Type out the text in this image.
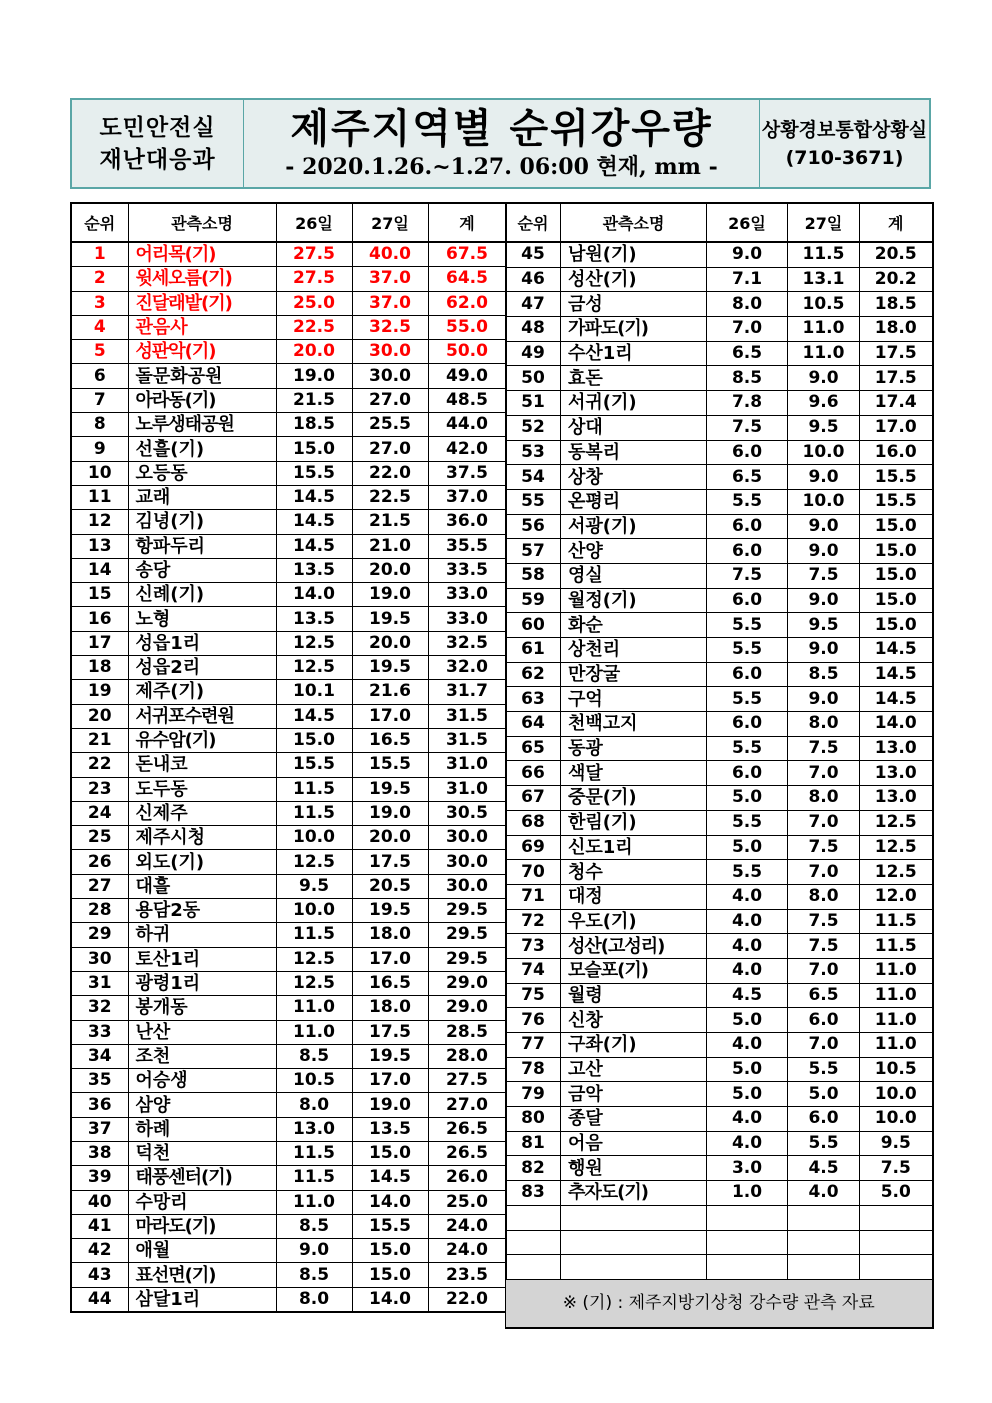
도민안전실
재난대응과
제주지역별 순위강우량
- 2020.1.26.~1.27. 06:00 현재, mm -
상황경보통합상황실
(710-3671)
순위	관측소명	26일	27일	계
1	어리목(기)	27.5	40.0	67.5
2	윗세오름(기)	27.5	37.0	64.5
3	진달래밭(기)	25.0	37.0	62.0
4	관음사	22.5	32.5	55.0
5	성판악(기)	20.0	30.0	50.0
6	돌문화공원	19.0	30.0	49.0
7	아라동(기)	21.5	27.0	48.5
8	노루생태공원	18.5	25.5	44.0
9	선흘(기)	15.0	27.0	42.0
10	오등동	15.5	22.0	37.5
11	교래	14.5	22.5	37.0
12	김녕(기)	14.5	21.5	36.0
13	항파두리	14.5	21.0	35.5
14	송당	13.5	20.0	33.5
15	신례(기)	14.0	19.0	33.0
16	노형	13.5	19.5	33.0
17	성읍1리	12.5	20.0	32.5
18	성읍2리	12.5	19.5	32.0
19	제주(기)	10.1	21.6	31.7
20	서귀포수련원	14.5	17.0	31.5
21	유수암(기)	15.0	16.5	31.5
22	돈내코	15.5	15.5	31.0
23	도두동	11.5	19.5	31.0
24	신제주	11.5	19.0	30.5
25	제주시청	10.0	20.0	30.0
26	외도(기)	12.5	17.5	30.0
27	대흘	9.5	20.5	30.0
28	용담2동	10.0	19.5	29.5
29	하귀	11.5	18.0	29.5
30	토산1리	12.5	17.0	29.5
31	광령1리	12.5	16.5	29.0
32	봉개동	11.0	18.0	29.0
33	난산	11.0	17.5	28.5
34	조천	8.5	19.5	28.0
35	어승생	10.5	17.0	27.5
36	삼양	8.0	19.0	27.0
37	하례	13.0	13.5	26.5
38	덕천	11.5	15.0	26.5
39	태풍센터(기)	11.5	14.5	26.0
40	수망리	11.0	14.0	25.0
41	마라도(기)	8.5	15.5	24.0
42	애월	9.0	15.0	24.0
43	표선면(기)	8.5	15.0	23.5
44	삼달1리	8.0	14.0	22.0
순위	관측소명	26일	27일	계
45	남원(기)	9.0	11.5	20.5
46	성산(기)	7.1	13.1	20.2
47	금성	8.0	10.5	18.5
48	가파도(기)	7.0	11.0	18.0
49	수산1리	6.5	11.0	17.5
50	효돈	8.5	9.0	17.5
51	서귀(기)	7.8	9.6	17.4
52	상대	7.5	9.5	17.0
53	동복리	6.0	10.0	16.0
54	상창	6.5	9.0	15.5
55	온평리	5.5	10.0	15.5
56	서광(기)	6.0	9.0	15.0
57	산양	6.0	9.0	15.0
58	영실	7.5	7.5	15.0
59	월정(기)	6.0	9.0	15.0
60	화순	5.5	9.5	15.0
61	상천리	5.5	9.0	14.5
62	만장굴	6.0	8.5	14.5
63	구억	5.5	9.0	14.5
64	천백고지	6.0	8.0	14.0
65	동광	5.5	7.5	13.0
66	색달	6.0	7.0	13.0
67	중문(기)	5.0	8.0	13.0
68	한림(기)	5.5	7.0	12.5
69	신도1리	5.0	7.5	12.5
70	청수	5.5	7.0	12.5
71	대정	4.0	8.0	12.0
72	우도(기)	4.0	7.5	11.5
73	성산(고성리)	4.0	7.5	11.5
74	모슬포(기)	4.0	7.0	11.0
75	월령	4.5	6.5	11.0
76	신창	5.0	6.0	11.0
77	구좌(기)	4.0	7.0	11.0
78	고산	5.0	5.5	10.5
79	금악	5.0	5.0	10.0
80	종달	4.0	6.0	10.0
81	어음	4.0	5.5	9.5
82	행원	3.0	4.5	7.5
83	추자도(기)	1.0	4.0	5.0

※ (기) : 제주지방기상청 강수량 관측 자료				
